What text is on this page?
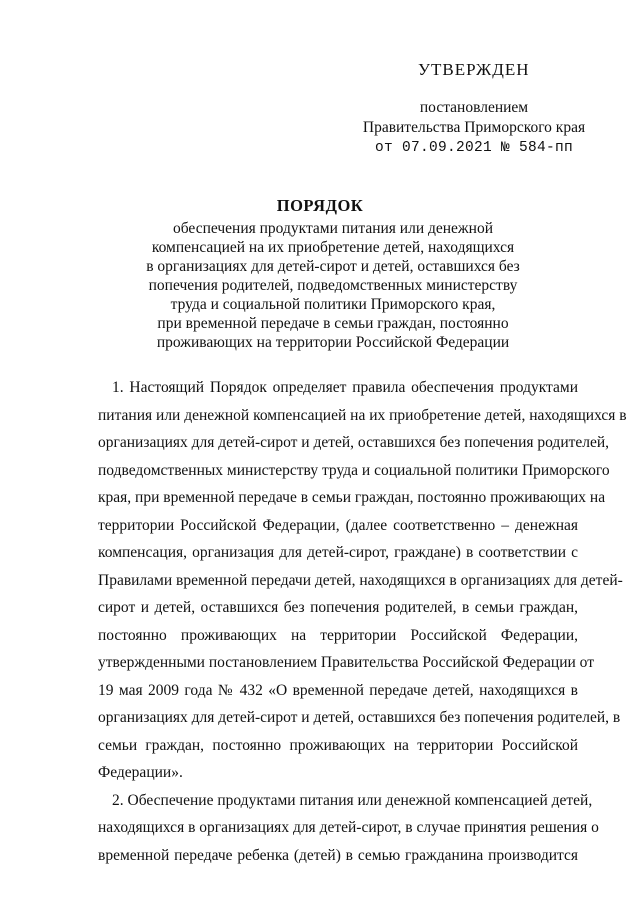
УТВЕРЖДЕН
постановлением
Правительства Приморского края
от 07.09.2021 № 584-пп
ПОРЯДОК
обеспечения продуктами питания или денежной
компенсацией на их приобретение детей, находящихся
в организациях для детей-сирот и детей, оставшихся без
попечения родителей, подведомственных министерству
труда и социальной политики Приморского края,
при временной передаче в семьи граждан, постоянно
проживающих на территории Российской Федерации
1. Настоящий Порядок определяет правила обеспечения продуктами
питания или денежной компенсацией на их приобретение детей, находящихся в
организациях для детей-сирот и детей, оставшихся без попечения родителей,
подведомственных министерству труда и социальной политики Приморского
края, при временной передаче в семьи граждан, постоянно проживающих на
территории Российской Федерации, (далее соответственно – денежная
компенсация, организация для детей-сирот, граждане) в соответствии с
Правилами временной передачи детей, находящихся в организациях для детей-
сирот и детей, оставшихся без попечения родителей, в семьи граждан,
постоянно проживающих на территории Российской Федерации,
утвержденными постановлением Правительства Российской Федерации от
19 мая 2009 года № 432 «О временной передаче детей, находящихся в
организациях для детей-сирот и детей, оставшихся без попечения родителей, в
семьи граждан, постоянно проживающих на территории Российской
Федерации».
2. Обеспечение продуктами питания или денежной компенсацией детей,
находящихся в организациях для детей-сирот, в случае принятия решения о
временной передаче ребенка (детей) в семью гражданина производится
